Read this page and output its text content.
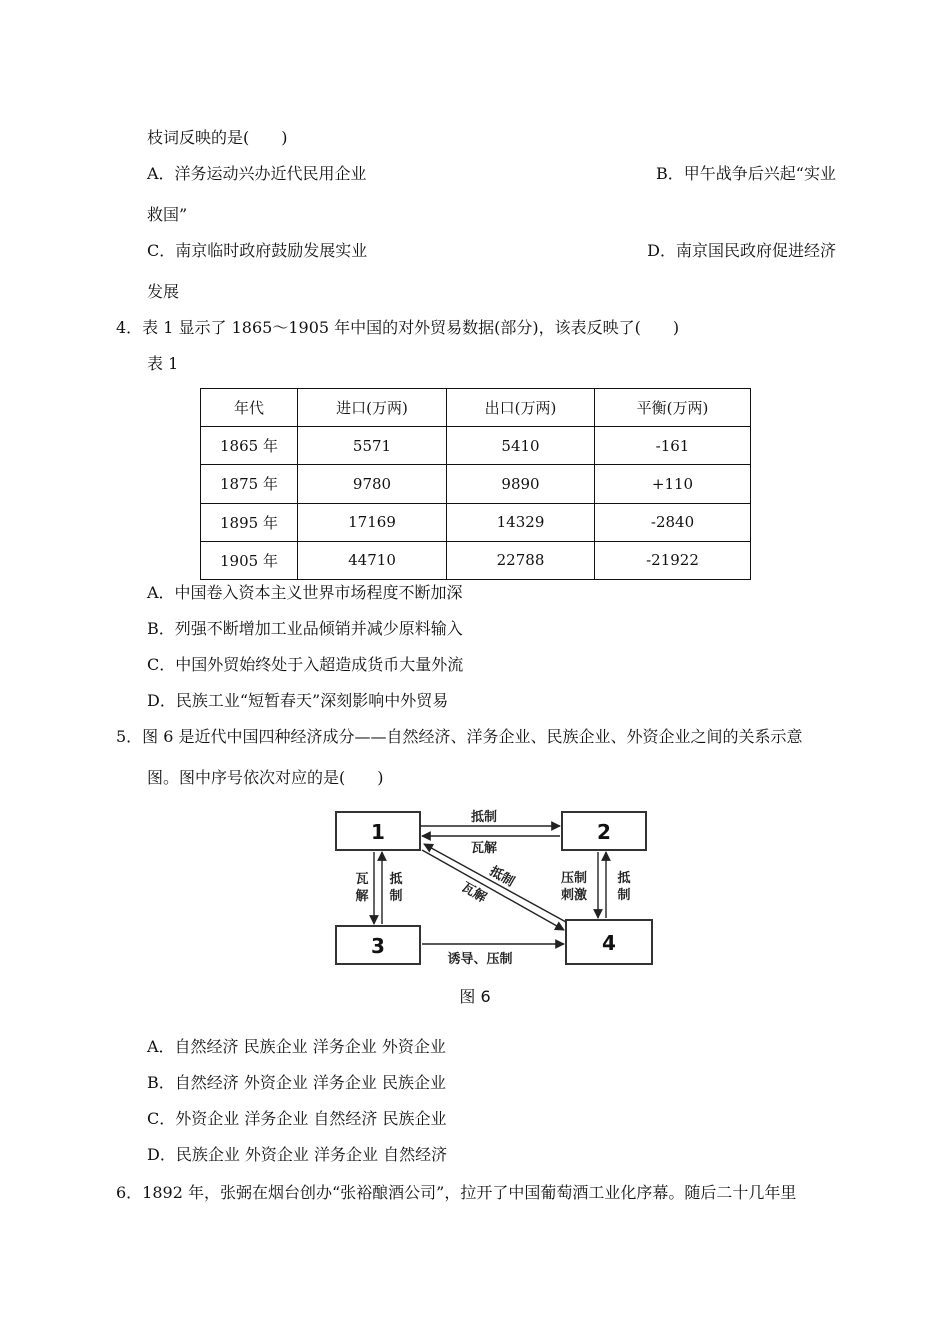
枝词反映的是(　　)
A．洋务运动兴办近代民用企业	B．甲午战争后兴起“实业
救国”
C．南京临时政府鼓励发展实业	D．南京国民政府促进经济
发展
4．表 1 显示了 1865～1905 年中国的对外贸易数据(部分)，该表反映了(　　)
表 1
年代	进口(万两)	出口(万两)	平衡(万两)
1865 年	5571	5410	-161
1875 年	9780	9890	+110
1895 年	17169	14329	-2840
1905 年	44710	22788	-21922
A．中国卷入资本主义世界市场程度不断加深
B．列强不断增加工业品倾销并减少原料输入
C．中国外贸始终处于入超造成货币大量外流
D．民族工业“短暂春天”深刻影响中外贸易
5．图 6 是近代中国四种经济成分——自然经济、洋务企业、民族企业、外资企业之间的关系示意
图。图中序号依次对应的是(　　)
1	2
3	4
抵制
瓦解
瓦
解
抵
制
压制
刺激
抵
制
抵制
瓦解
诱导、压制
图 6
A．自然经济 民族企业 洋务企业 外资企业
B．自然经济 外资企业 洋务企业 民族企业
C．外资企业 洋务企业 自然经济 民族企业
D．民族企业 外资企业 洋务企业 自然经济
6．1892 年，张弼在烟台创办“张裕酿酒公司”，拉开了中国葡萄酒工业化序幕。随后二十几年里
